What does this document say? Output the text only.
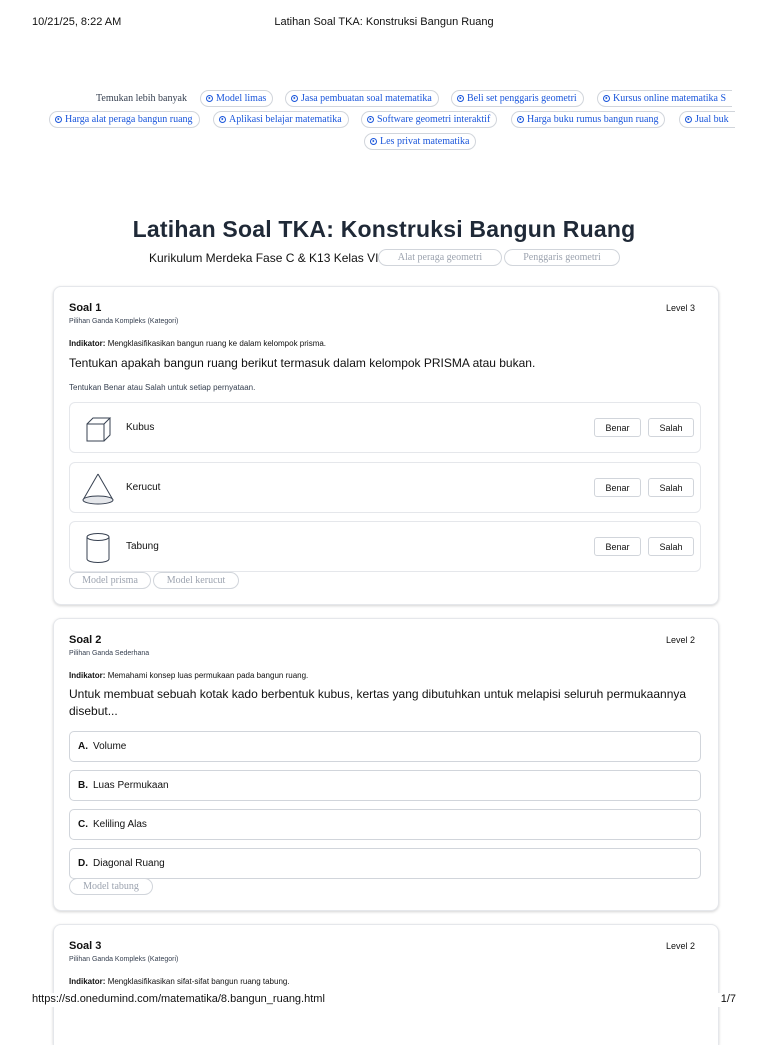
10/21/25, 8:22 AM	Latihan Soal TKA: Konstruksi Bangun Ruang
Temukan lebih banyak	Model limas	Jasa pembuatan soal matematika	Beli set penggaris geometri	Kursus online matematika S
Harga alat peraga bangun ruang	Aplikasi belajar matematika	Software geometri interaktif	Harga buku rumus bangun ruang	Jual buk
Les privat matematika
Latihan Soal TKA: Konstruksi Bangun Ruang
Kurikulum Merdeka Fase C & K13 Kelas VI	Alat peraga geometri	Penggaris geometri
Soal 1	Level 3
Pilihan Ganda Kompleks (Kategori)
Indikator: Mengklasifikasikan bangun ruang ke dalam kelompok prisma.
Tentukan apakah bangun ruang berikut termasuk dalam kelompok PRISMA atau bukan.
Tentukan Benar atau Salah untuk setiap pernyataan.
Kubus	Benar	Salah
Kerucut	Benar	Salah
Tabung	Benar	Salah
Model prisma	Model kerucut
Soal 2	Level 2
Pilihan Ganda Sederhana
Indikator: Memahami konsep luas permukaan pada bangun ruang.
Untuk membuat sebuah kotak kado berbentuk kubus, kertas yang dibutuhkan untuk melapisi seluruh permukaannya disebut...
A. Volume
B. Luas Permukaan
C. Keliling Alas
D. Diagonal Ruang
Model tabung
Soal 3	Level 2
Pilihan Ganda Kompleks (Kategori)
Indikator: Mengklasifikasikan sifat-sifat bangun ruang tabung.
https://sd.onedumind.com/matematika/8.bangun_ruang.html	1/7
